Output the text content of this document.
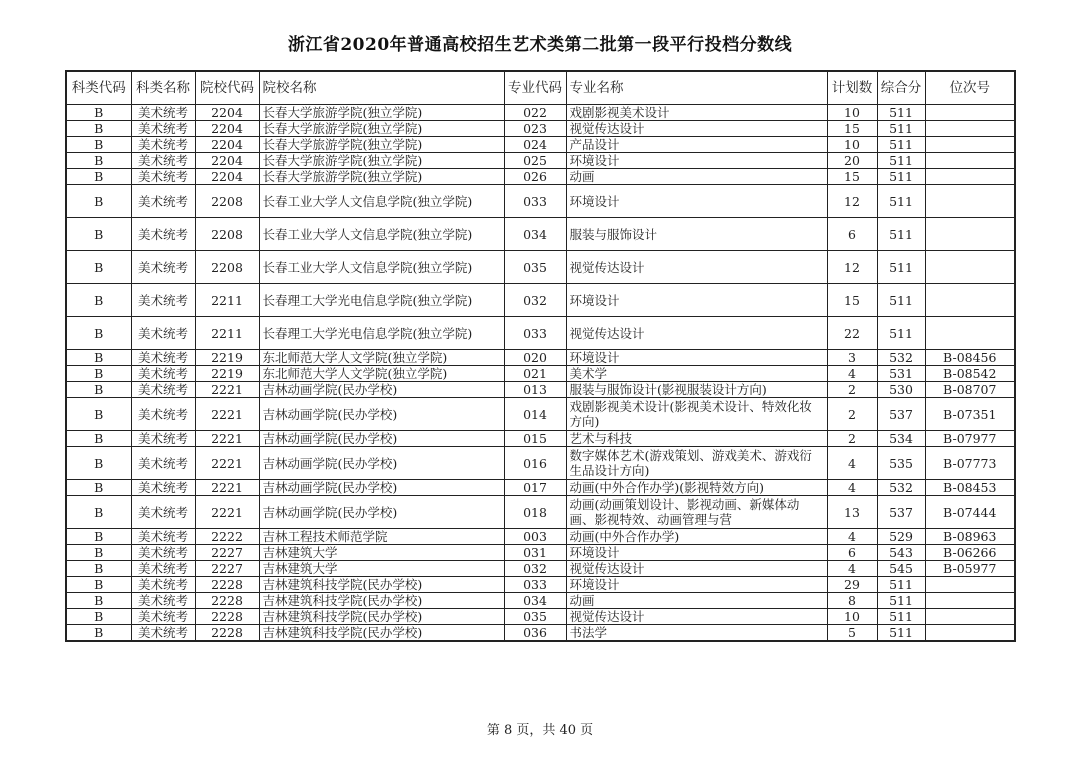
浙江省2020年普通高校招生艺术类第二批第一段平行投档分数线
科类代码	科类名称	院校代码	院校名称	专业代码	专业名称	计划数	综合分	位次号
B	美术统考	2204	长春大学旅游学院(独立学院)	022	戏剧影视美术设计	10	511	
B	美术统考	2204	长春大学旅游学院(独立学院)	023	视觉传达设计	15	511	
B	美术统考	2204	长春大学旅游学院(独立学院)	024	产品设计	10	511	
B	美术统考	2204	长春大学旅游学院(独立学院)	025	环境设计	20	511	
B	美术统考	2204	长春大学旅游学院(独立学院)	026	动画	15	511	
B	美术统考	2208	长春工业大学人文信息学院(独立学院)	033	环境设计	12	511	
B	美术统考	2208	长春工业大学人文信息学院(独立学院)	034	服装与服饰设计	6	511	
B	美术统考	2208	长春工业大学人文信息学院(独立学院)	035	视觉传达设计	12	511	
B	美术统考	2211	长春理工大学光电信息学院(独立学院)	032	环境设计	15	511	
B	美术统考	2211	长春理工大学光电信息学院(独立学院)	033	视觉传达设计	22	511	
B	美术统考	2219	东北师范大学人文学院(独立学院)	020	环境设计	3	532	B-08456
B	美术统考	2219	东北师范大学人文学院(独立学院)	021	美术学	4	531	B-08542
B	美术统考	2221	吉林动画学院(民办学校)	013	服装与服饰设计(影视服装设计方向)	2	530	B-08707
B	美术统考	2221	吉林动画学院(民办学校)	014	戏剧影视美术设计(影视美术设计、特效化妆方向)	2	537	B-07351
B	美术统考	2221	吉林动画学院(民办学校)	015	艺术与科技	2	534	B-07977
B	美术统考	2221	吉林动画学院(民办学校)	016	数字媒体艺术(游戏策划、游戏美术、游戏衍生品设计方向)	4	535	B-07773
B	美术统考	2221	吉林动画学院(民办学校)	017	动画(中外合作办学)(影视特效方向)	4	532	B-08453
B	美术统考	2221	吉林动画学院(民办学校)	018	动画(动画策划设计、影视动画、新媒体动画、影视特效、动画管理与营	13	537	B-07444
B	美术统考	2222	吉林工程技术师范学院	003	动画(中外合作办学)	4	529	B-08963
B	美术统考	2227	吉林建筑大学	031	环境设计	6	543	B-06266
B	美术统考	2227	吉林建筑大学	032	视觉传达设计	4	545	B-05977
B	美术统考	2228	吉林建筑科技学院(民办学校)	033	环境设计	29	511	
B	美术统考	2228	吉林建筑科技学院(民办学校)	034	动画	8	511	
B	美术统考	2228	吉林建筑科技学院(民办学校)	035	视觉传达设计	10	511	
B	美术统考	2228	吉林建筑科技学院(民办学校)	036	书法学	5	511	
第 8 页，共 40 页
